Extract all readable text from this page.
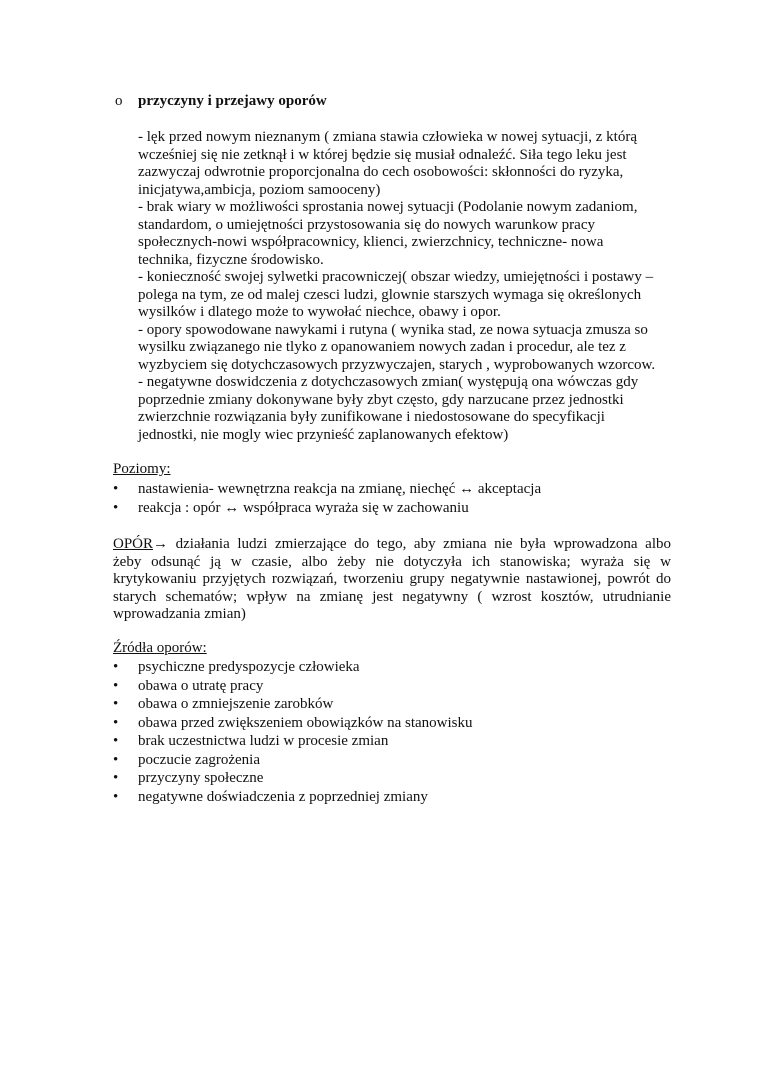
o przyczyny i przejawy oporów
- lęk przed nowym nieznanym ( zmiana stawia człowieka w nowej sytuacji, z którą
wcześniej się nie zetknął i w której będzie się musiał odnaleźć. Siła tego leku jest
zazwyczaj odwrotnie proporcjonalna do cech osobowości: skłonności do ryzyka,
inicjatywa,ambicja, poziom samooceny)
- brak wiary w możliwości sprostania nowej sytuacji (Podolanie nowym zadaniom,
standardom, o umiejętności przystosowania się do nowych warunkow pracy
społecznych-nowi współpracownicy, klienci, zwierzchnicy, techniczne- nowa
technika, fizyczne środowisko.
- konieczność swojej sylwetki pracowniczej( obszar wiedzy, umiejętności i postawy –
polega na tym, ze od malej czesci ludzi, glownie starszych wymaga się określonych
wysilków i dlatego może to wywołać niechce, obawy i opor.
- opory spowodowane nawykami i rutyna ( wynika stad, ze nowa sytuacja zmusza so
wysilku związanego nie tlyko z opanowaniem nowych zadan i procedur, ale tez z
wyzbyciem się dotychczasowych przyzwyczajen, starych , wyprobowanych wzorcow.
- negatywne doswidczenia z dotychczasowych zmian( występują ona wówczas gdy
poprzednie zmiany dokonywane były zbyt często, gdy narzucane przez jednostki
zwierzchnie rozwiązania były zunifikowane i niedostosowane do specyfikacji
jednostki, nie mogly wiec przynieść zaplanowanych efektow)
Poziomy:
• nastawienia- wewnętrzna reakcja na zmianę, niechęć ↔ akceptacja
• reakcja : opór ↔ współpraca wyraża się w zachowaniu
OPÓR→ działania ludzi zmierzające do tego, aby zmiana nie była wprowadzona albo
żeby odsunąć ją w czasie, albo żeby nie dotyczyła ich stanowiska; wyraża się w
krytykowaniu przyjętych rozwiązań, tworzeniu grupy negatywnie nastawionej, powrót do
starych schematów; wpływ na zmianę jest negatywny ( wzrost kosztów, utrudnianie
wprowadzania zmian)
Źródła oporów:
• psychiczne predyspozycje człowieka
• obawa o utratę pracy
• obawa o zmniejszenie zarobków
• obawa przed zwiększeniem obowiązków na stanowisku
• brak uczestnictwa ludzi w procesie zmian
• poczucie zagrożenia
• przyczyny społeczne
• negatywne doświadczenia z poprzedniej zmiany
